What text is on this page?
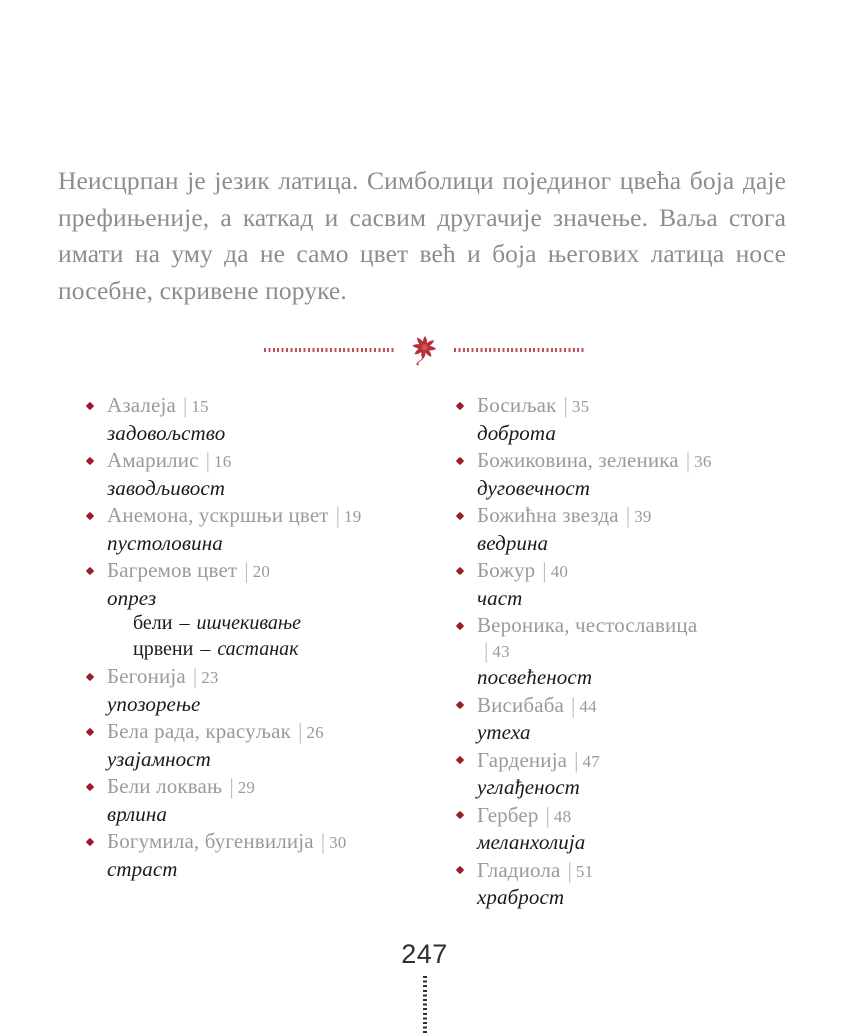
Неисцрпан је језик латица. Симболици појединог цвећа боја даје префињеније, а каткад и сасвим другачије значење. Ваља стога имати на уму да не само цвет већ и боја његових латица носе посебне, скривене поруке.

Азалеја | 15
задовољство
Амарилис | 16
заводљивост
Анемона, ускршњи цвет | 19
пустоловина
Багремов цвет | 20
опрез
бели – ишчекивање
црвени – састанак
Бегонија | 23
упозорење
Бела рада, красуљак | 26
узајамност
Бели локвањ | 29
врлина
Богумила, бугенвилија | 30
страст
Босиљак | 35
доброта
Божиковина, зеленика | 36
дуговечност
Божићна звезда | 39
ведрина
Божур | 40
част
Вероника, честославица
| 43
посвећеност
Висибаба | 44
утеха
Гарденија | 47
углађеност
Гербер | 48
меланхолија
Гладиола | 51
храброст
247
